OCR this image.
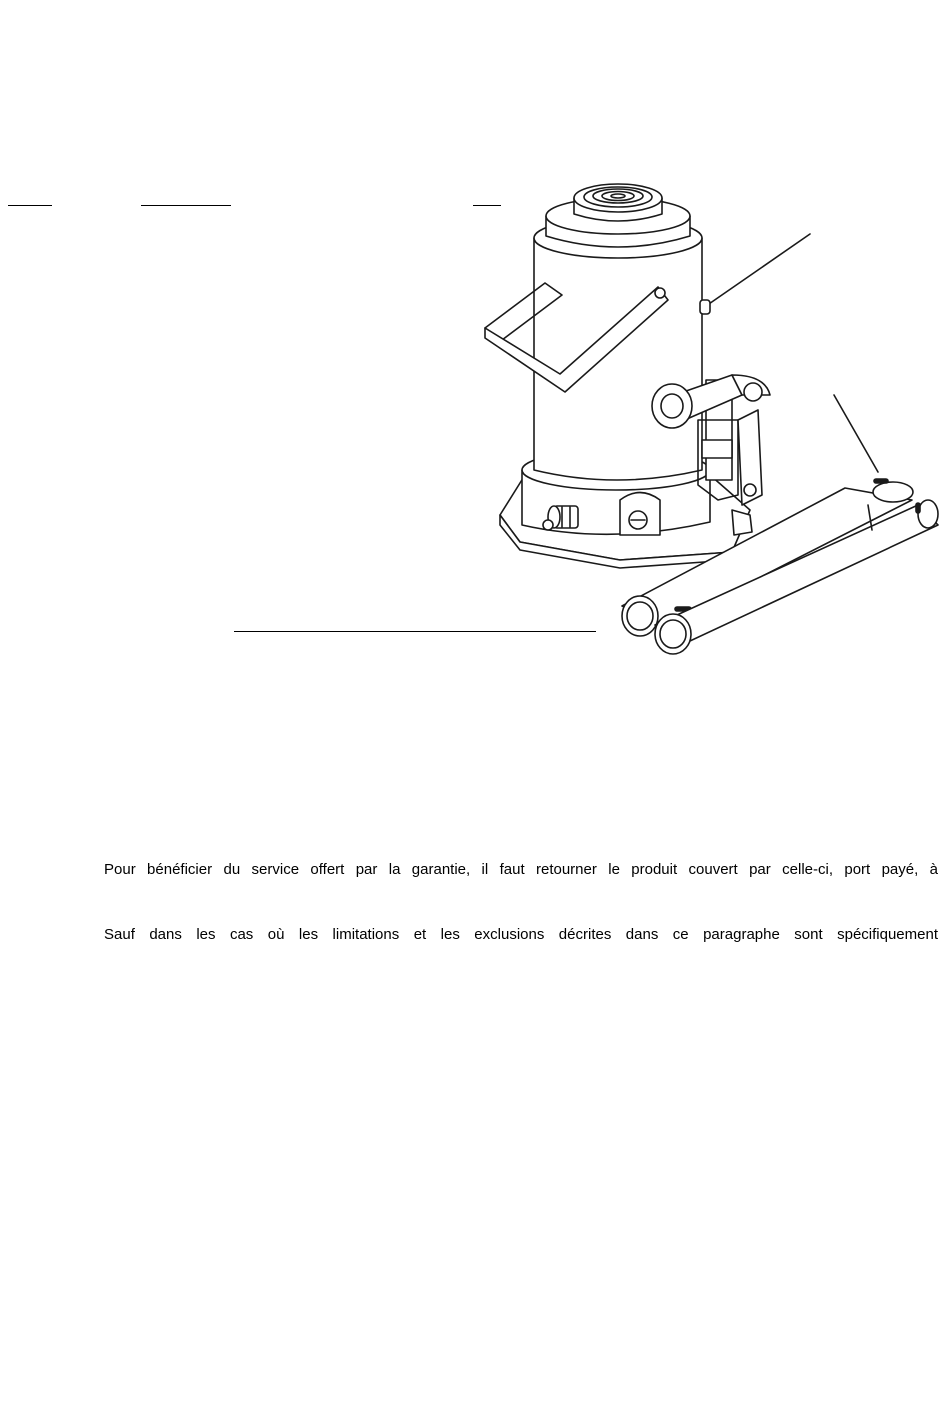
Pour bénéficier du service offert par la garantie, il faut retourner le produit couvert par celle-ci, port payé, à

Sauf dans les cas où les limitations et les exclusions décrites dans ce paragraphe sont spécifiquement
